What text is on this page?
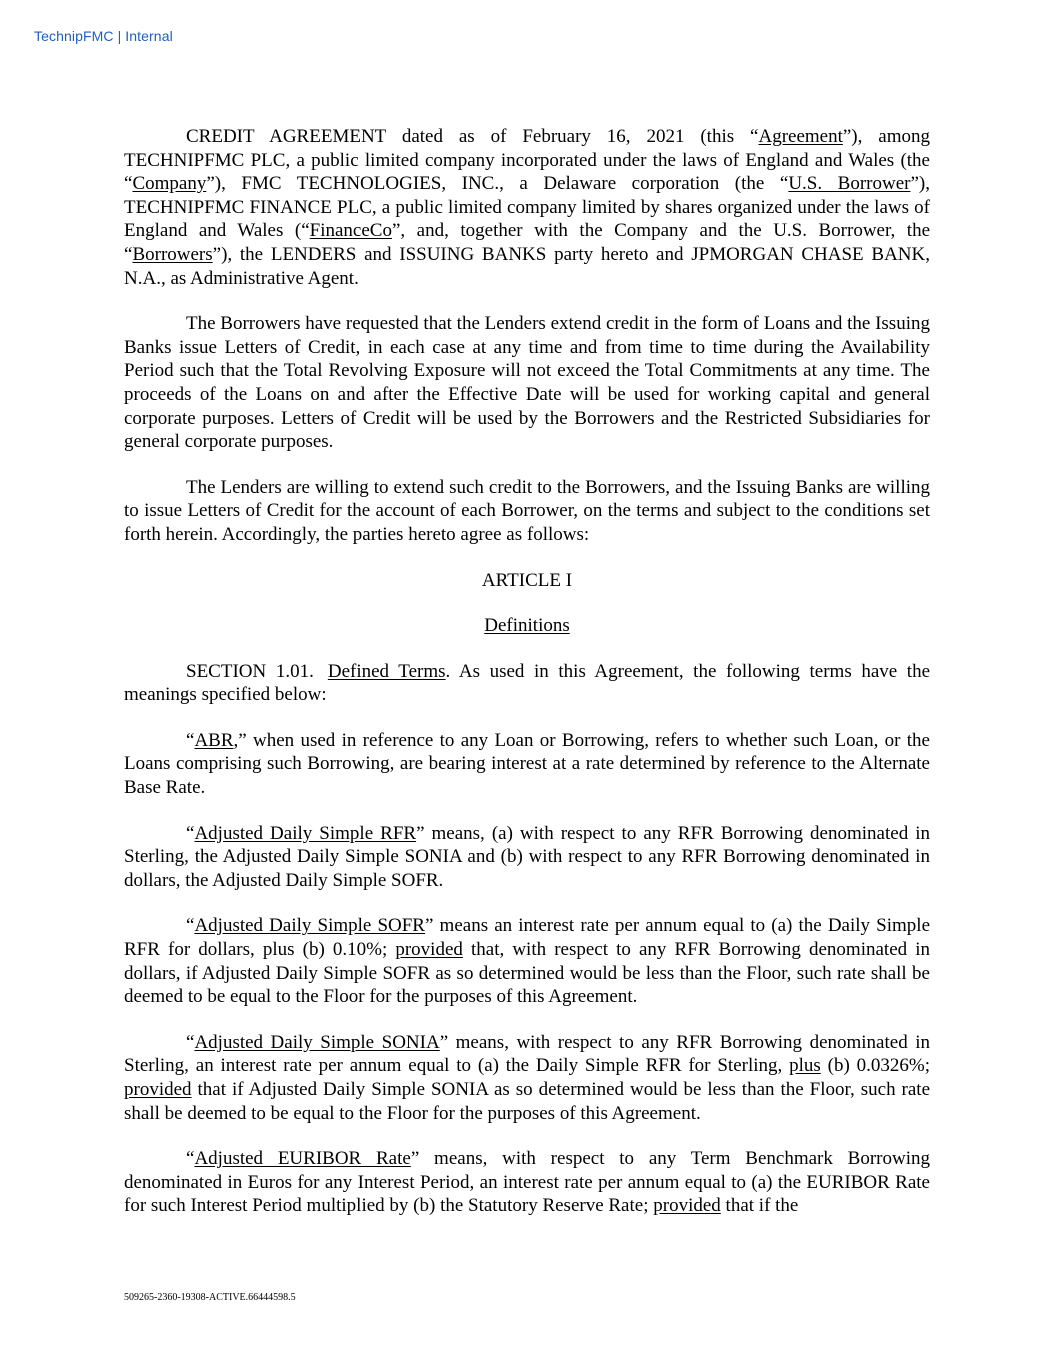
TechnipFMC | Internal

CREDIT AGREEMENT dated as of February 16, 2021 (this “Agreement”), among TECHNIPFMC PLC, a public limited company incorporated under the laws of England and Wales (the “Company”), FMC TECHNOLOGIES, INC., a Delaware corporation (the “U.S. Borrower”), TECHNIPFMC FINANCE PLC, a public limited company limited by shares organized under the laws of England and Wales (“FinanceCo”, and, together with the Company and the U.S. Borrower, the “Borrowers”), the LENDERS and ISSUING BANKS party hereto and JPMORGAN CHASE BANK, N.A., as Administrative Agent.

The Borrowers have requested that the Lenders extend credit in the form of Loans and the Issuing Banks issue Letters of Credit, in each case at any time and from time to time during the Availability Period such that the Total Revolving Exposure will not exceed the Total Commitments at any time. The proceeds of the Loans on and after the Effective Date will be used for working capital and general corporate purposes. Letters of Credit will be used by the Borrowers and the Restricted Subsidiaries for general corporate purposes.

The Lenders are willing to extend such credit to the Borrowers, and the Issuing Banks are willing to issue Letters of Credit for the account of each Borrower, on the terms and subject to the conditions set forth herein. Accordingly, the parties hereto agree as follows:

ARTICLE I

Definitions

SECTION 1.01. Defined Terms. As used in this Agreement, the following terms have the meanings specified below:

“ABR,” when used in reference to any Loan or Borrowing, refers to whether such Loan, or the Loans comprising such Borrowing, are bearing interest at a rate determined by reference to the Alternate Base Rate.

“Adjusted Daily Simple RFR” means, (a) with respect to any RFR Borrowing denominated in Sterling, the Adjusted Daily Simple SONIA and (b) with respect to any RFR Borrowing denominated in dollars, the Adjusted Daily Simple SOFR.

“Adjusted Daily Simple SOFR” means an interest rate per annum equal to (a) the Daily Simple RFR for dollars, plus (b) 0.10%; provided that, with respect to any RFR Borrowing denominated in dollars, if Adjusted Daily Simple SOFR as so determined would be less than the Floor, such rate shall be deemed to be equal to the Floor for the purposes of this Agreement.

“Adjusted Daily Simple SONIA” means, with respect to any RFR Borrowing denominated in Sterling, an interest rate per annum equal to (a) the Daily Simple RFR for Sterling, plus (b) 0.0326%; provided that if Adjusted Daily Simple SONIA as so determined would be less than the Floor, such rate shall be deemed to be equal to the Floor for the purposes of this Agreement.

“Adjusted EURIBOR Rate” means, with respect to any Term Benchmark Borrowing denominated in Euros for any Interest Period, an interest rate per annum equal to (a) the EURIBOR Rate for such Interest Period multiplied by (b) the Statutory Reserve Rate; provided that if the

509265-2360-19308-ACTIVE.66444598.5
